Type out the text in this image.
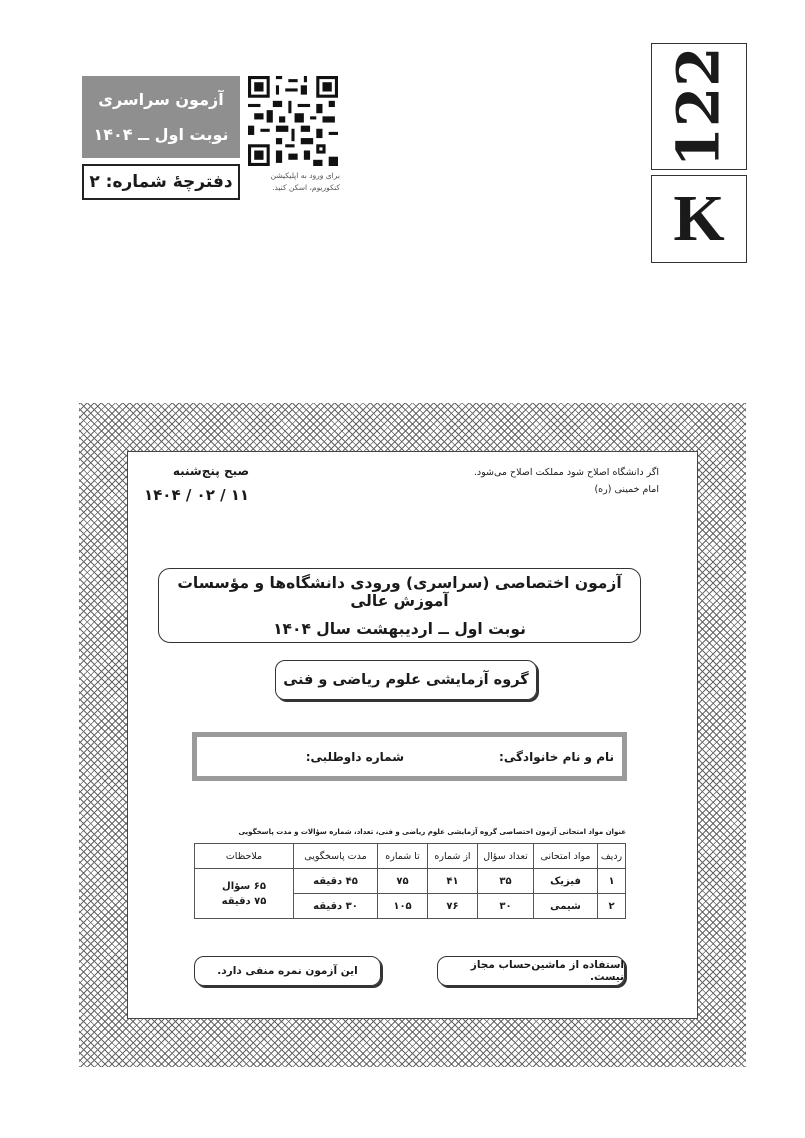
آزمون سراسری
نوبت اول ــ ۱۴۰۴
دفترچهٔ شماره: ۲	برای ورود به اپلیکیشن
کنکوریوم، اسکن کنید.
122
K
اگر دانشگاه اصلاح شود مملکت اصلاح می‌شود.
امام خمینی (ره)
صبح پنج‌شنبه
۱۴۰۴ / ۰۲ / ۱۱
آزمون اختصاصی (سراسری) ورودی دانشگاه‌ها و مؤسسات آموزش عالی
نوبت اول ــ اردیبهشت سال ۱۴۰۴
گروه آزمایشی علوم ریاضی و فنی
نام و نام خانوادگی:
شماره داوطلبی:
عنوان مواد امتحانی آزمون اختصاصی گروه آزمایشی علوم ریاضی و فنی، تعداد، شماره سؤالات و مدت پاسخگویی
ردیف	مواد امتحانی	تعداد سؤال	از شماره	تا شماره	مدت پاسخگویی	ملاحظات
۱	فیزیک	۳۵	۴۱	۷۵	۴۵ دقیقه	۶۵ سؤال
۷۵ دقیقه

۲	شیمی	۳۰	۷۶	۱۰۵	۳۰ دقیقه	
استفاده از ماشین‌حساب مجاز نیست.
این آزمون نمره منفی دارد.
